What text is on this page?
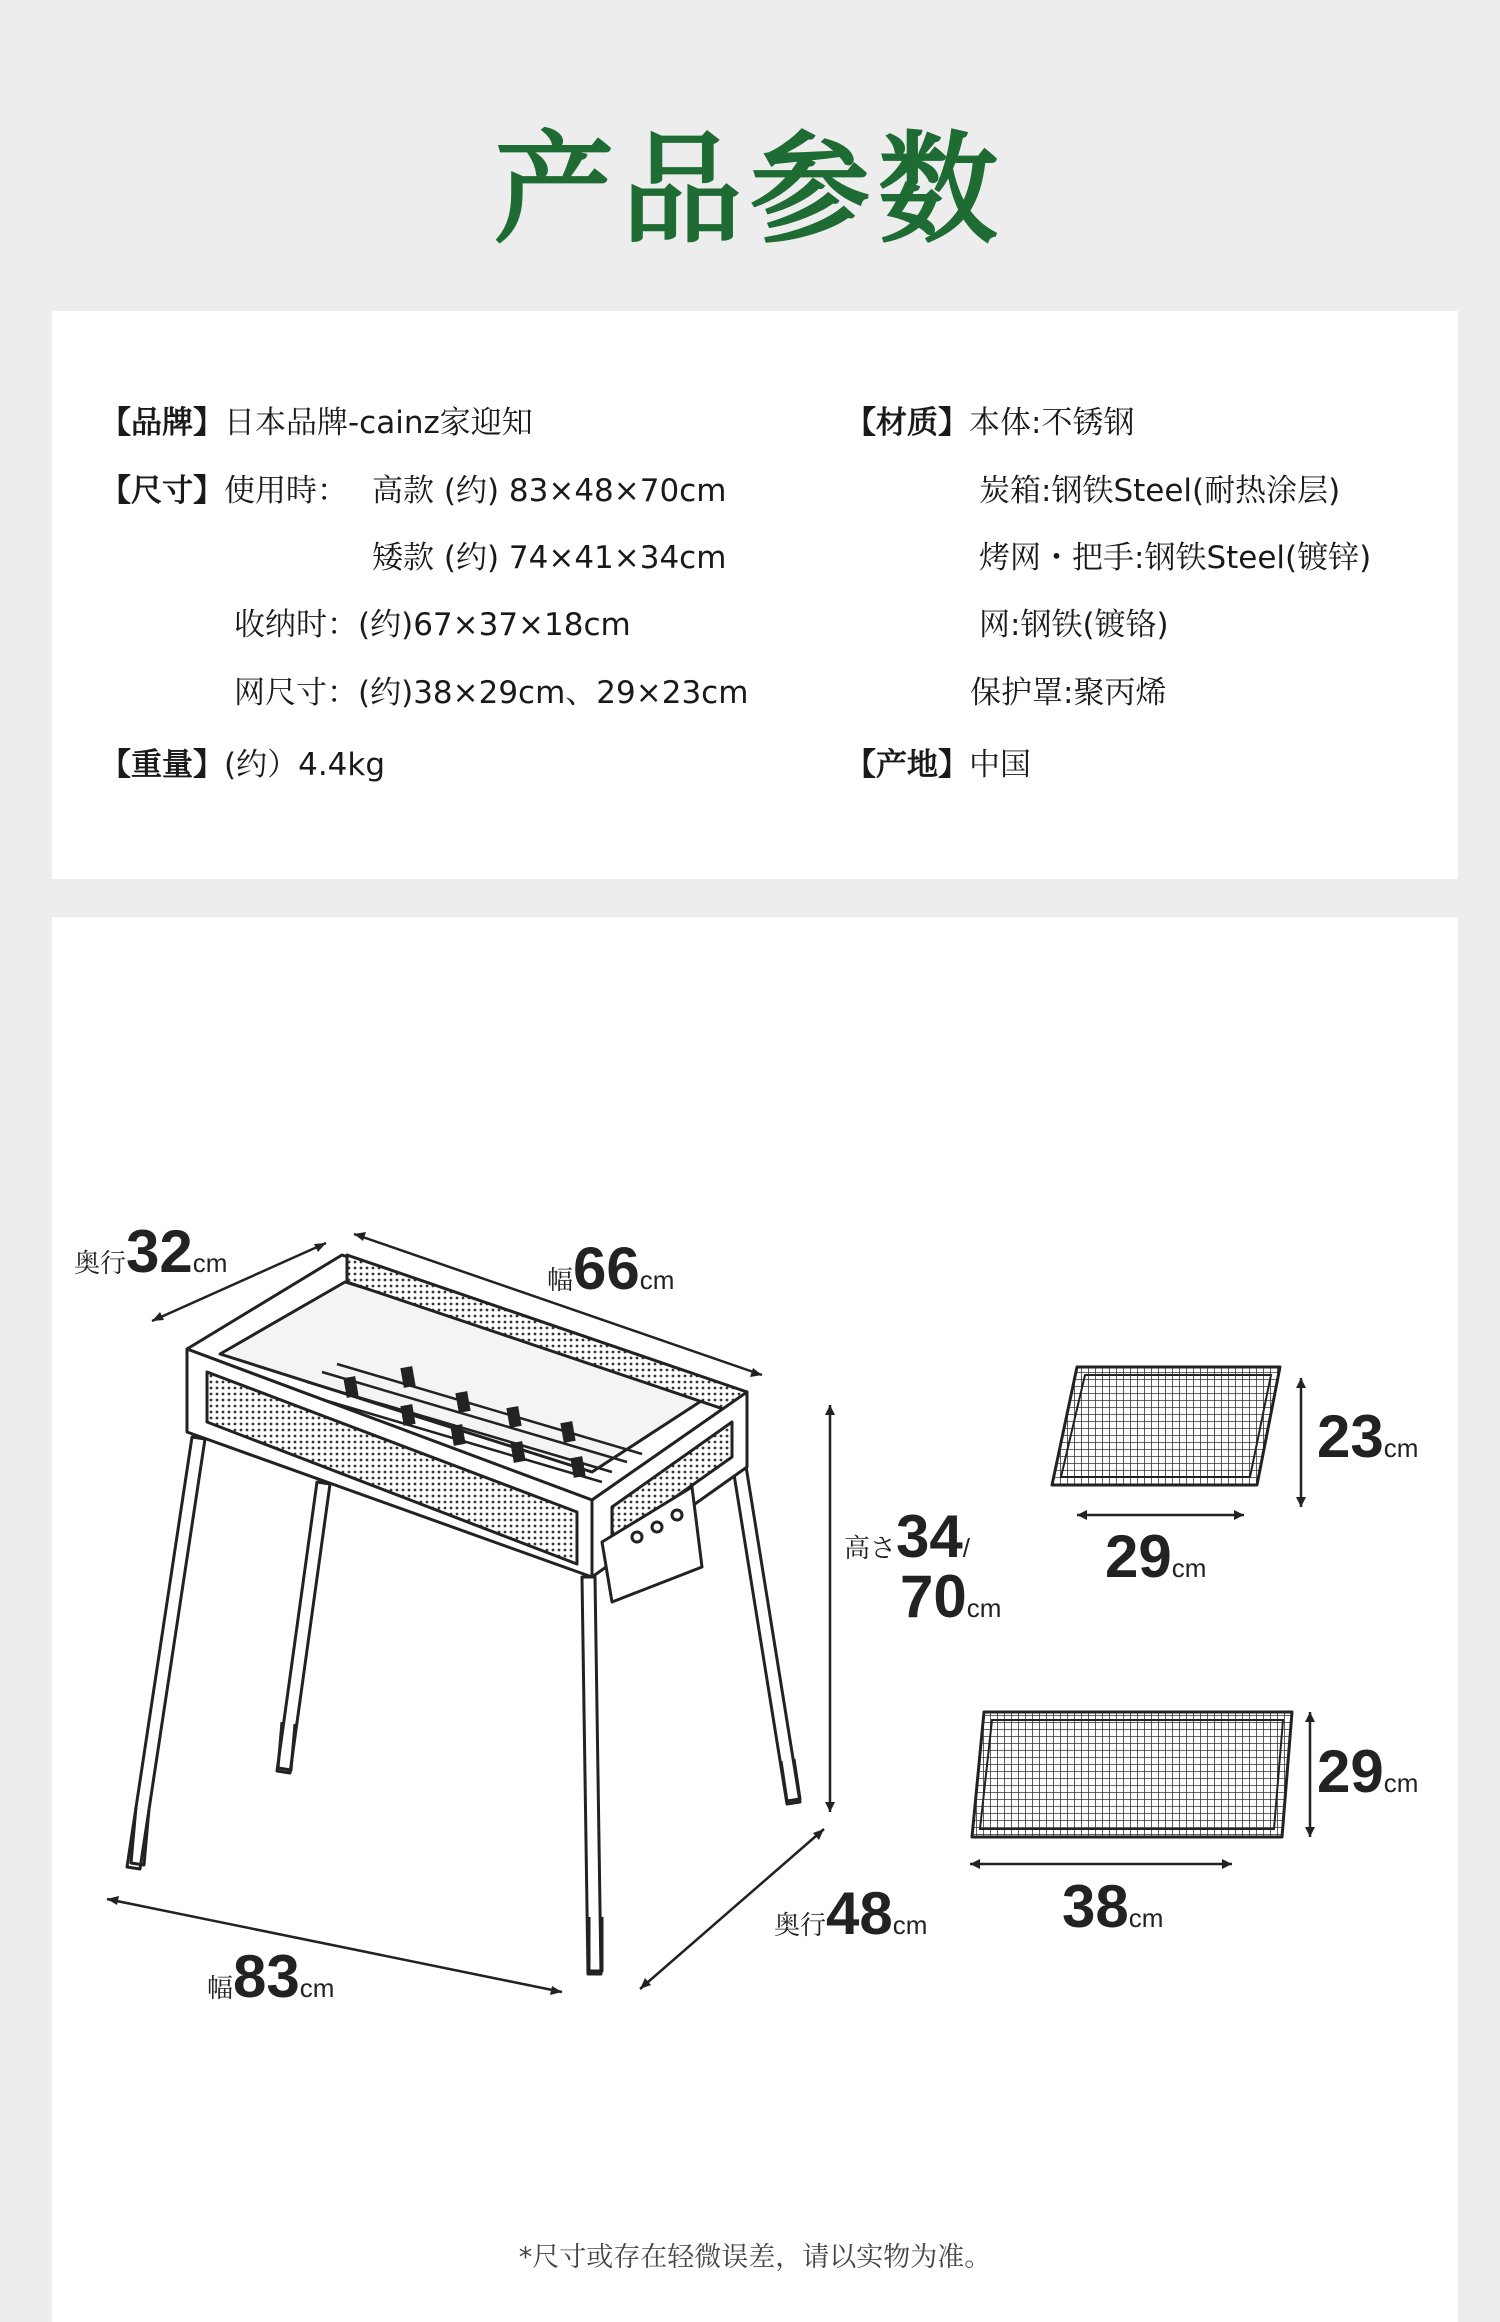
产品参数
【品牌】日本品牌-cainz家迎知
【尺寸】使用時： 高款 (约) 83×48×70cm
矮款 (约) 74×41×34cm
收纳时：(约)67×37×18cm
网尺寸：(约)38×29cm、29×23cm
【重量】(约）4.4kg
【材质】本体:不锈钢
炭箱:钢铁Steel(耐热涂层)
烤网・把手:钢铁Steel(镀锌)
网:钢铁(镀铬)
保护罩:聚丙烯
【产地】中国
奥行32cm
幅66cm
高さ34/
70cm
幅83cm
奥行48cm
23cm
29cm
29cm
38cm
*尺寸或存在轻微误差，请以实物为准。
